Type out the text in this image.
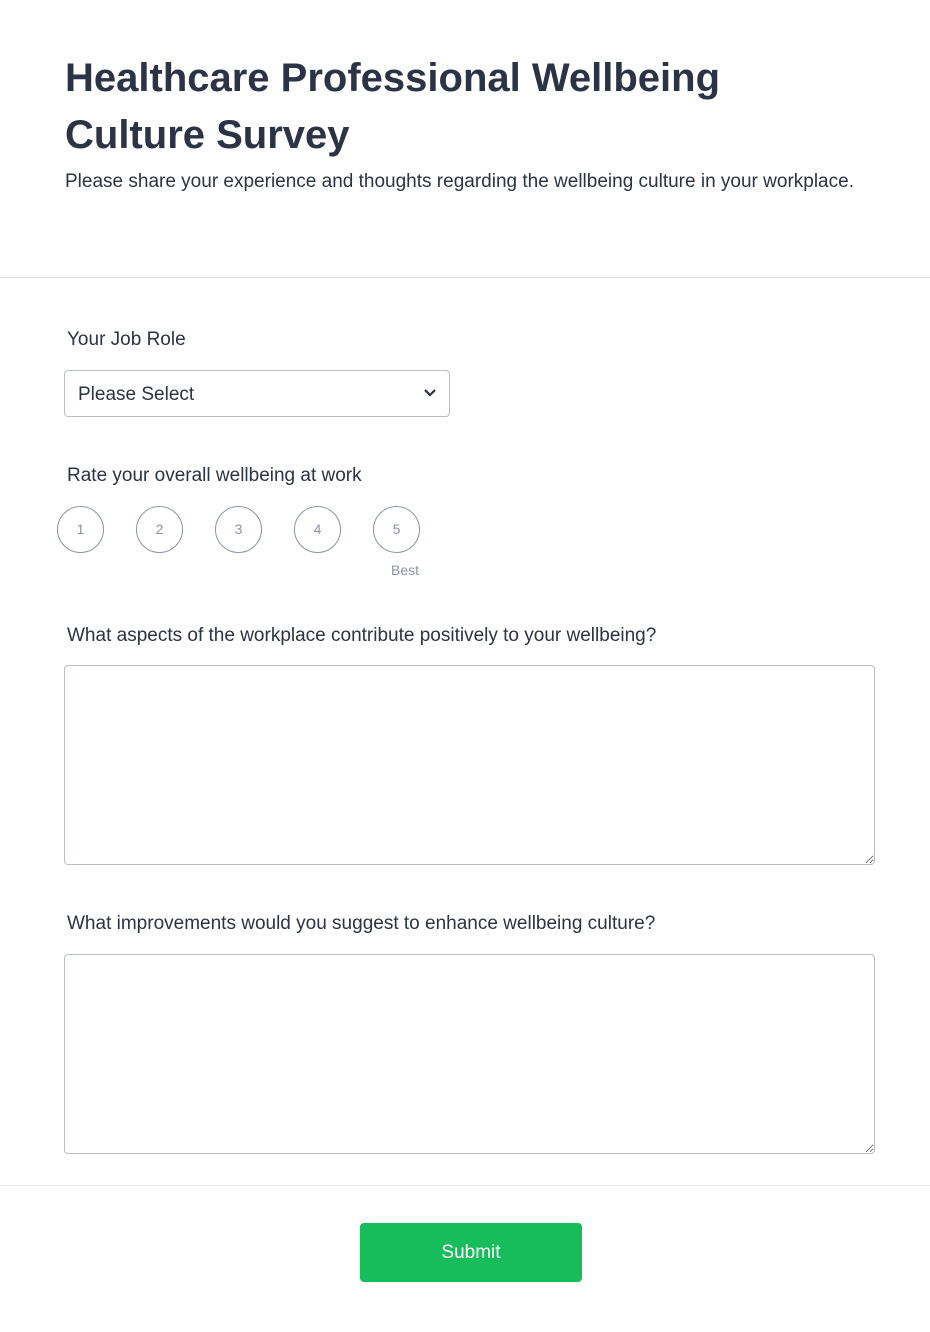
Healthcare Professional Wellbeing Culture Survey
Please share your experience and thoughts regarding the wellbeing culture in your workplace.
Your Job Role
Please Select
Rate your overall wellbeing at work
1	2	3	4	5
Best
What aspects of the workplace contribute positively to your wellbeing?
What improvements would you suggest to enhance wellbeing culture?
Submit
